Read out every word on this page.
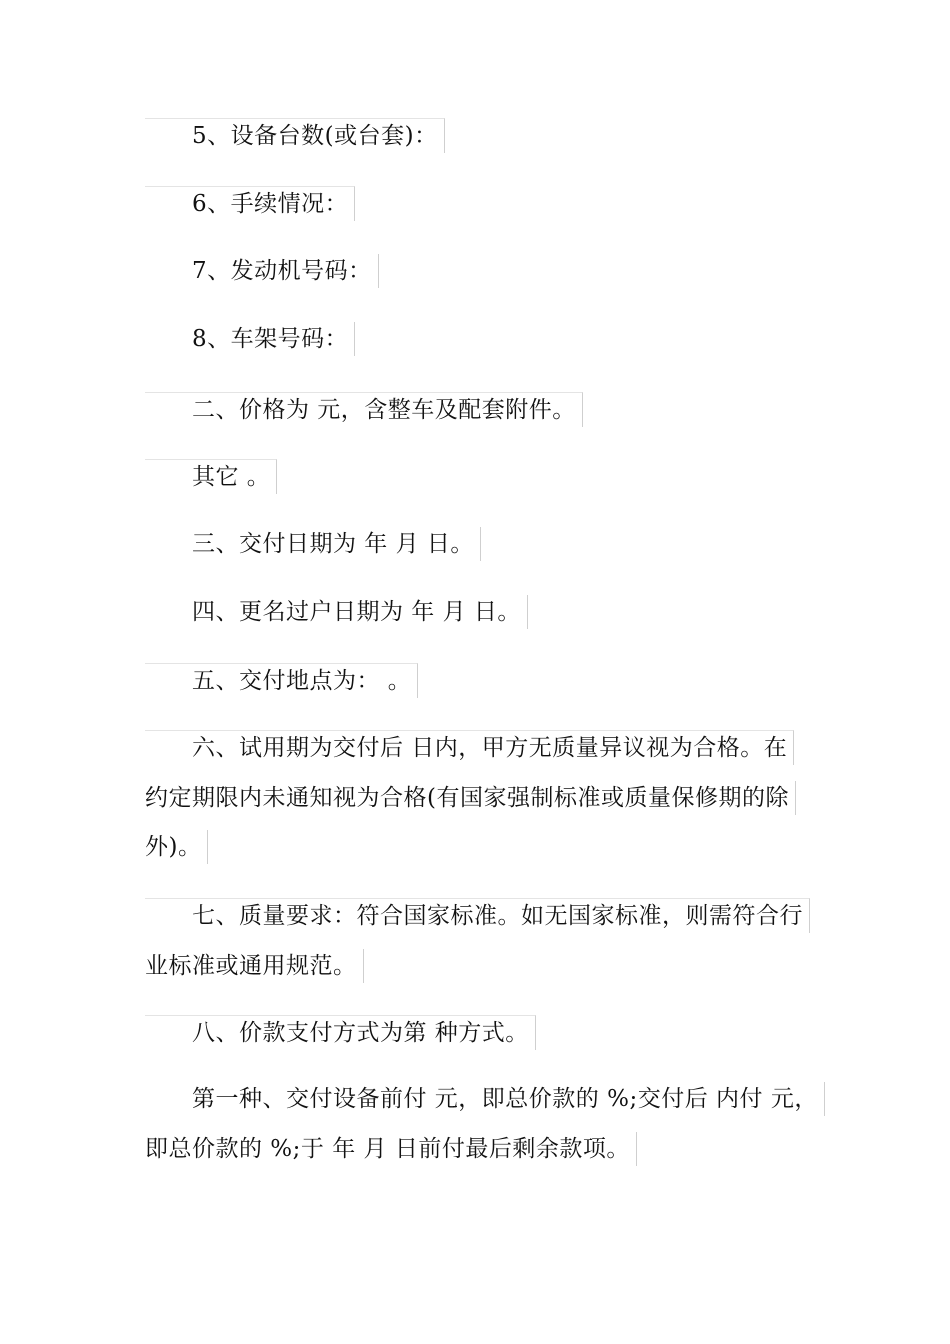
5、设备台数(或台套)：
6、手续情况：
7、发动机号码：
8、车架号码：
二、价格为 元，含整车及配套附件。
其它 。
三、交付日期为 年 月 日。
四、更名过户日期为 年 月 日。
五、交付地点为： 。
六、试用期为交付后 日内，甲方无质量异议视为合格。在
约定期限内未通知视为合格(有国家强制标准或质量保修期的除
外)。
七、质量要求：符合国家标准。如无国家标准，则需符合行
业标准或通用规范。
八、价款支付方式为第 种方式。
第一种、交付设备前付 元，即总价款的 %;交付后 内付 元，
即总价款的 %;于 年 月 日前付最后剩余款项。
